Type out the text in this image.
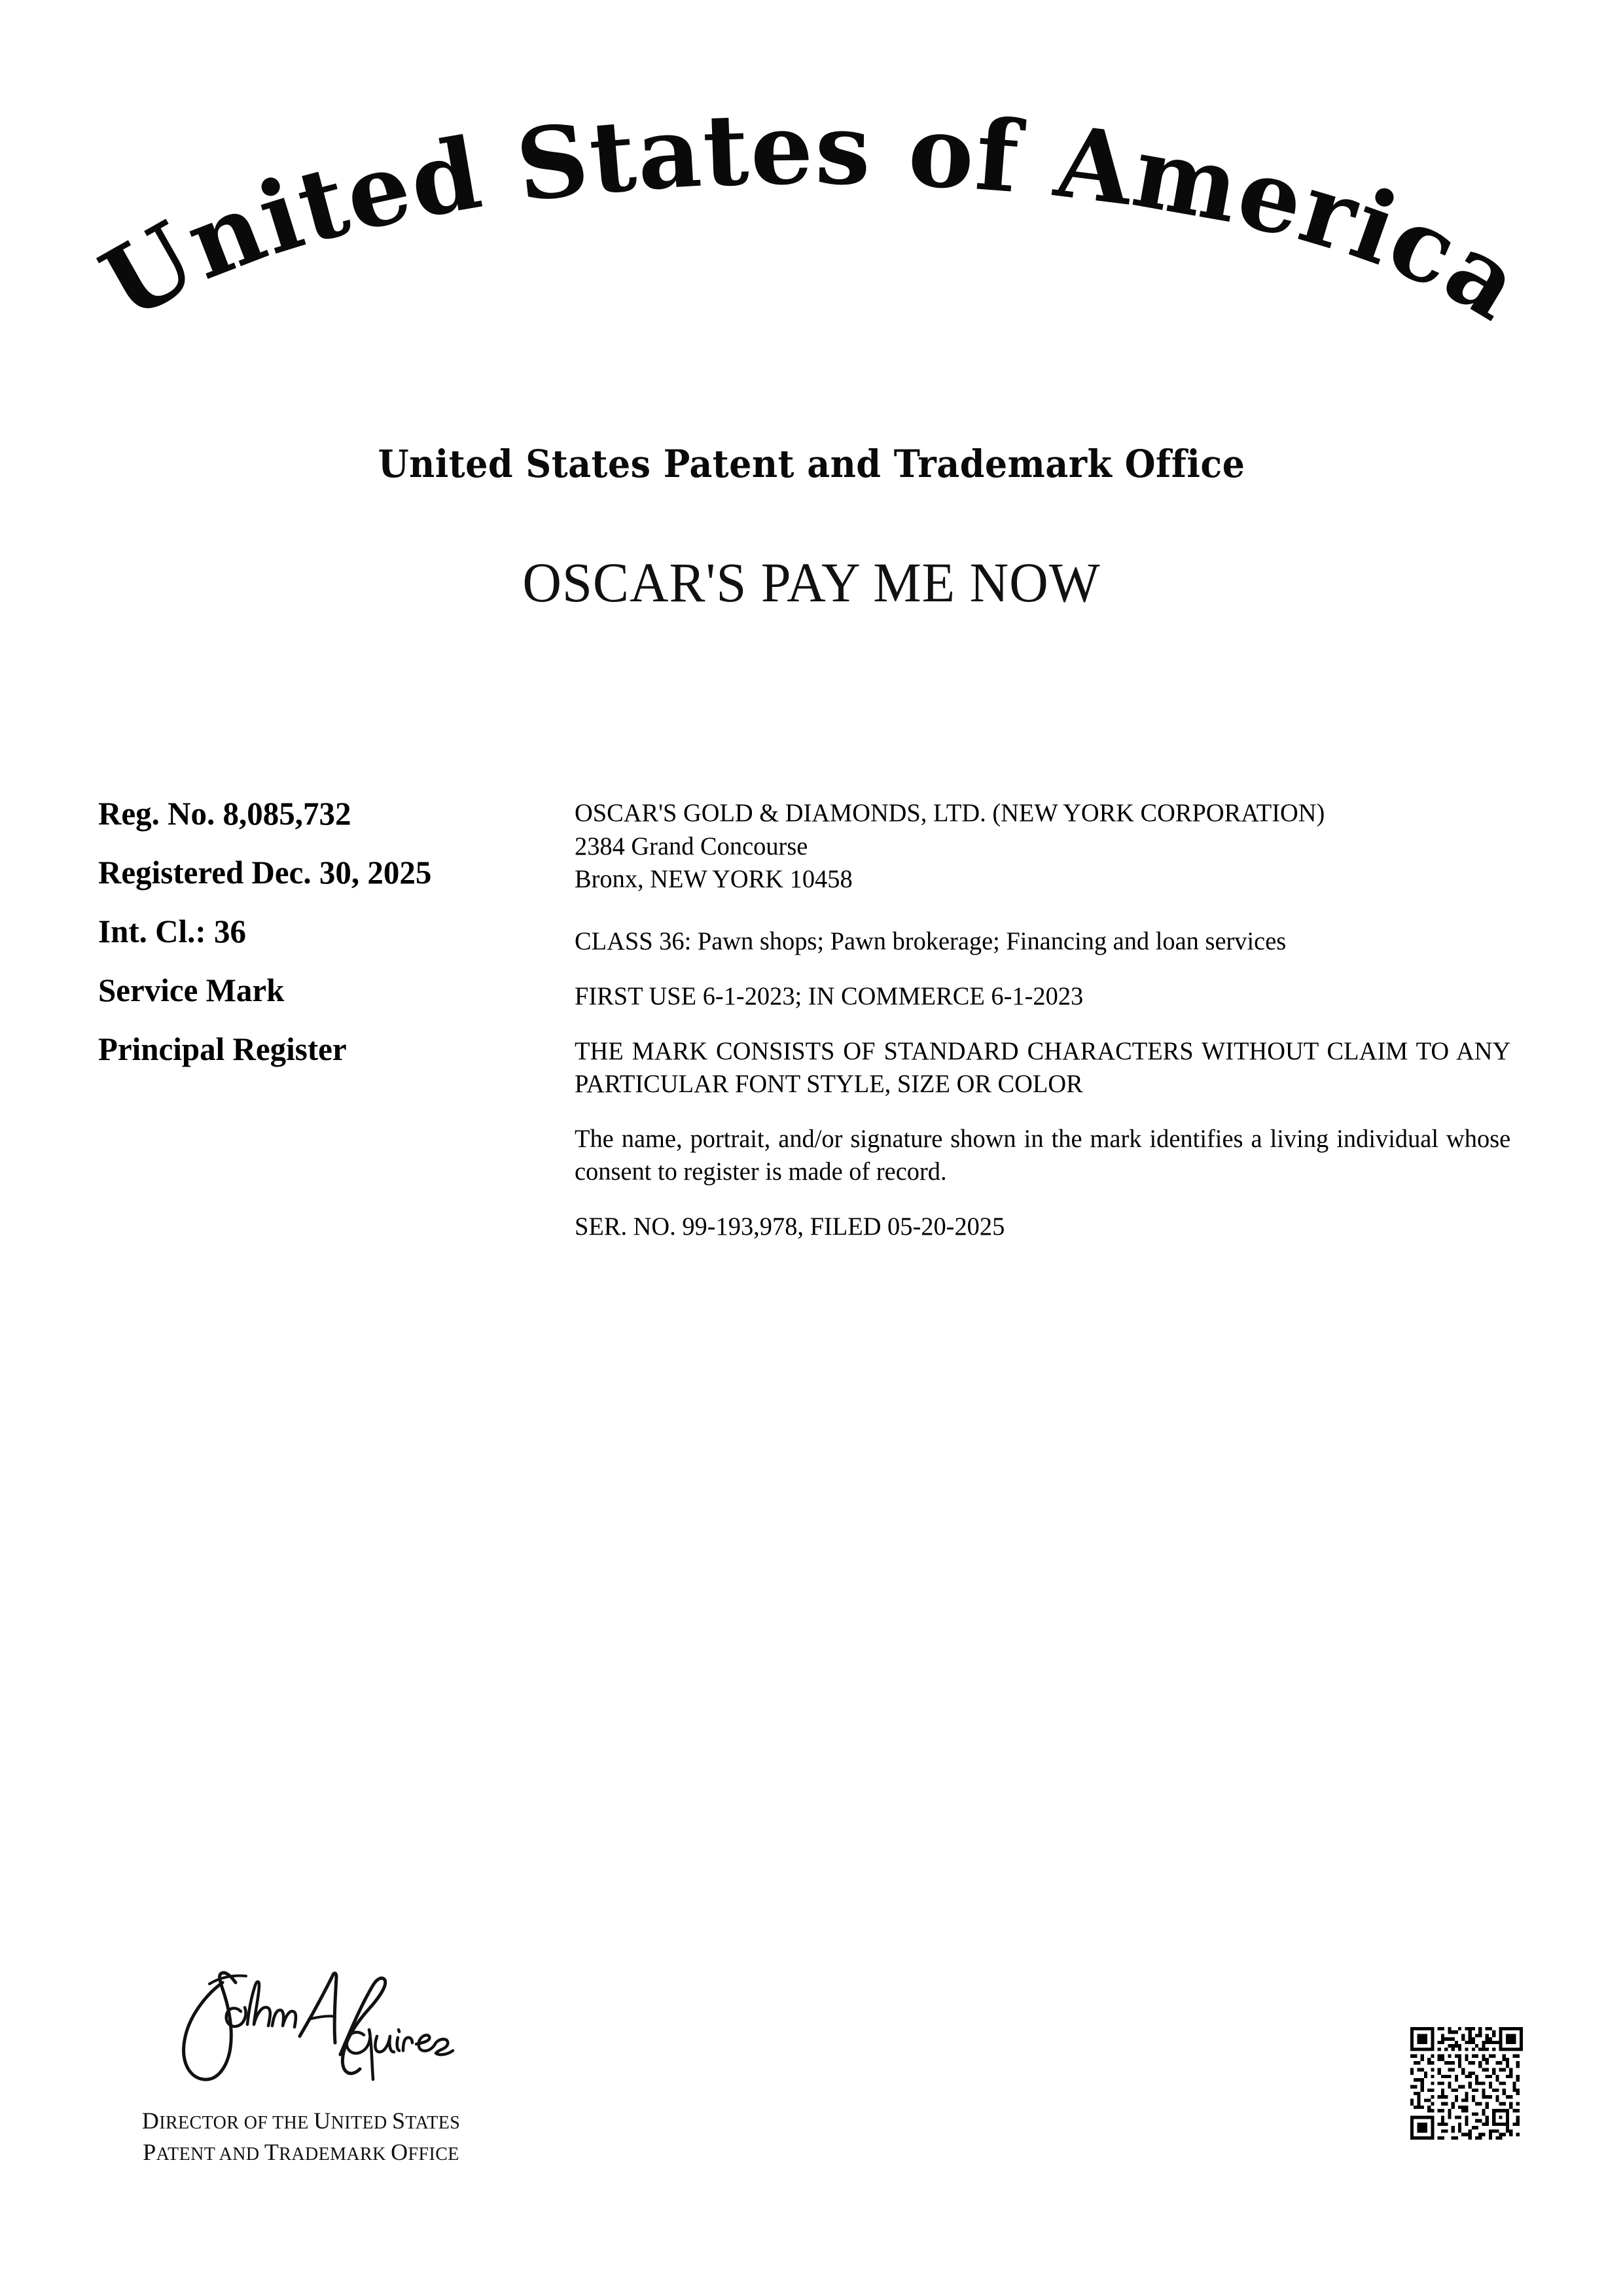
United States of America
United States Patent and Trademark Office
OSCAR'S PAY ME NOW
Reg. No. 8,085,732
Registered Dec. 30, 2025
Int. Cl.: 36
Service Mark
Principal Register

OSCAR'S GOLD & DIAMONDS, LTD. (NEW YORK CORPORATION)
2384 Grand Concourse
Bronx, NEW YORK 10458

CLASS 36: Pawn shops; Pawn brokerage; Financing and loan services

FIRST USE 6-1-2023; IN COMMERCE 6-1-2023

THE MARK CONSISTS OF STANDARD CHARACTERS WITHOUT CLAIM TO ANY PARTICULAR FONT STYLE, SIZE OR COLOR

The name, portrait, and/or signature shown in the mark identifies a living individual whose consent to register is made of record.

SER. NO. 99-193,978, FILED 05-20-2025

DIRECTOR OF THE UNITED STATES
PATENT AND TRADEMARK OFFICE
